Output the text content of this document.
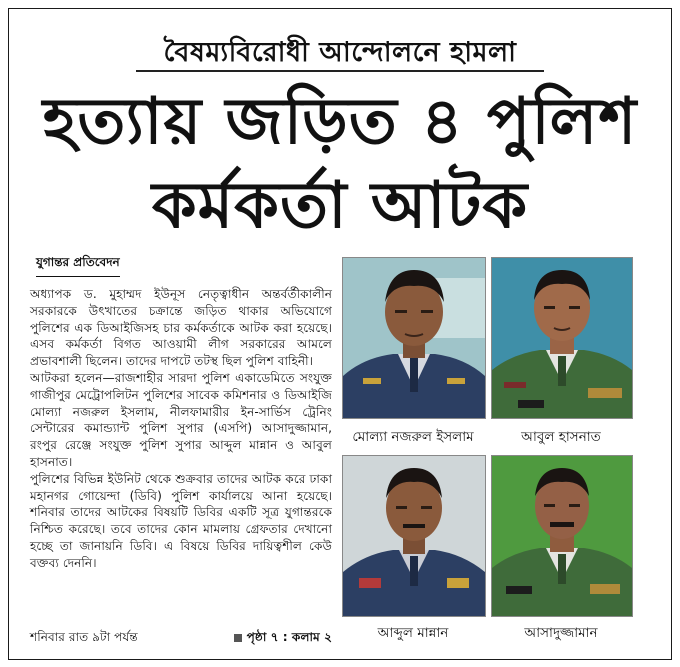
বৈষম্যবিরোধী আন্দোলনে হামলা
হত্যায় জড়িত ৪ পুলিশ
কর্মকর্তা আটক
যুগান্তর প্রতিবেদন

অধ্যাপক ড. মুহাম্মদ ইউনূস নেতৃত্বাধীন অন্তর্বর্তীকালীন সরকারকে উৎখাতের চক্রান্তে জড়িত থাকার অভিযোগে পুলিশের এক ডিআইজিসহ চার কর্মকর্তাকে আটক করা হয়েছে। এসব কর্মকর্তা বিগত আওয়ামী লীগ সরকারের আমলে প্রভাবশালী ছিলেন। তাদের দাপটে তটস্থ ছিল পুলিশ বাহিনী।

আটকরা হলেন—রাজশাহীর সারদা পুলিশ একাডেমিতে সংযুক্ত গাজীপুর মেট্রোপলিটন পুলিশের সাবেক কমিশনার ও ডিআইজি মোল্যা নজরুল ইসলাম, নীলফামারীর ইন-সার্ভিস ট্রেনিং সেন্টারের কমান্ড্যান্ট পুলিশ সুপার (এসপি) আসাদুজ্জামান, রংপুর রেঞ্জে সংযুক্ত পুলিশ সুপার আব্দুল মান্নান ও আবুল হাসনাত।

পুলিশের বিভিন্ন ইউনিট থেকে শুক্রবার তাদের আটক করে ঢাকা মহানগর গোয়েন্দা (ডিবি) পুলিশ কার্যালয়ে আনা হয়েছে। শনিবার তাদের আটকের বিষয়টি ডিবির একটি সূত্র যুগান্তরকে নিশ্চিত করেছে। তবে তাদের কোন মামলায় গ্রেফতার দেখানো হচ্ছে তা জানায়নি ডিবি। এ বিষয়ে ডিবির দায়িত্বশীল কেউ বক্তব্য দেননি।

শনিবার রাত ৯টা পর্যন্ত	পৃষ্ঠা ৭ : কলাম ২
মোল্যা নজরুল ইসলাম	আবুল হাসনাত
আব্দুল মান্নান	আসাদুজ্জামান
